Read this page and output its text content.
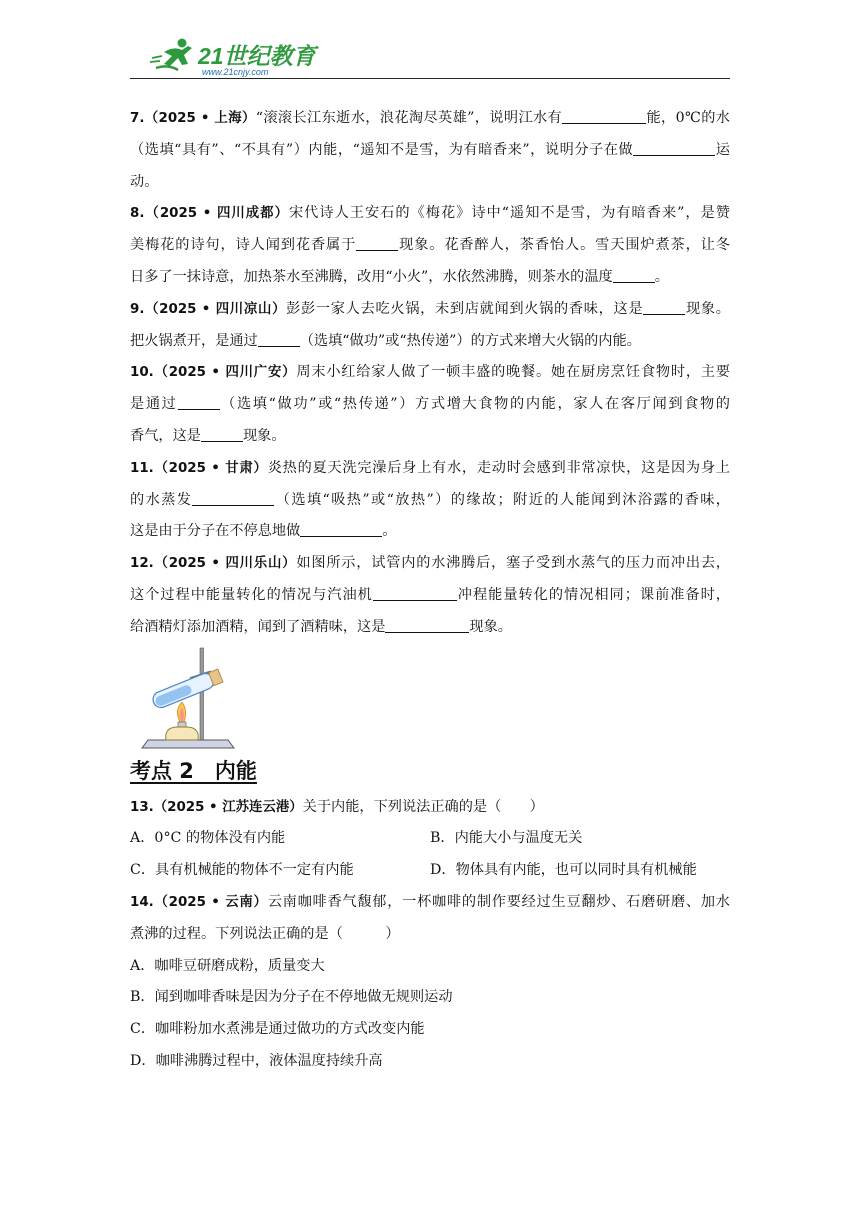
21世纪教育
www.21cnjy.com
7.（2025 • 上海）“滚滚长江东逝水，浪花淘尽英雄”，说明江水有	能，0℃的水
（选填“具有”、“不具有”）内能，“遥知不是雪，为有暗香来”，说明分子在做	运
动。
8.（2025 • 四川成都）宋代诗人王安石的《梅花》诗中“遥知不是雪，为有暗香来”，是赞
美梅花的诗句，诗人闻到花香属于	现象。花香醉人，茶香怡人。雪天围炉煮茶，让冬
日多了一抹诗意，加热茶水至沸腾，改用“小火”，水依然沸腾，则茶水的温度	。
9.（2025 • 四川凉山）彭彭一家人去吃火锅，未到店就闻到火锅的香味，这是	现象。
把火锅煮开，是通过	（选填“做功”或“热传递”）的方式来增大火锅的内能。
10.（2025 • 四川广安）周末小红给家人做了一顿丰盛的晚餐。她在厨房烹饪食物时，主要
是通过	（选填“做功”或“热传递”）方式增大食物的内能，家人在客厅闻到食物的
香气，这是	现象。
11.（2025 • 甘肃）炎热的夏天洗完澡后身上有水，走动时会感到非常凉快，这是因为身上
的水蒸发	（选填“吸热”或“放热”）的缘故；附近的人能闻到沐浴露的香味，
这是由于分子在不停息地做	。
12.（2025 • 四川乐山）如图所示，试管内的水沸腾后，塞子受到水蒸气的压力而冲出去，
这个过程中能量转化的情况与汽油机	冲程能量转化的情况相同；课前准备时，
给酒精灯添加酒精，闻到了酒精味，这是	现象。
考点 2　内能
13.（2025 • 江苏连云港）关于内能，下列说法正确的是（　　）
A．0°C 的物体没有内能	B．内能大小与温度无关
C．具有机械能的物体不一定有内能	D．物体具有内能，也可以同时具有机械能
14.（2025 • 云南）云南咖啡香气馥郁，一杯咖啡的制作要经过生豆翻炒、石磨研磨、加水
煮沸的过程。下列说法正确的是（　　　）
A．咖啡豆研磨成粉，质量变大
B．闻到咖啡香味是因为分子在不停地做无规则运动
C．咖啡粉加水煮沸是通过做功的方式改变内能
D．咖啡沸腾过程中，液体温度持续升高
